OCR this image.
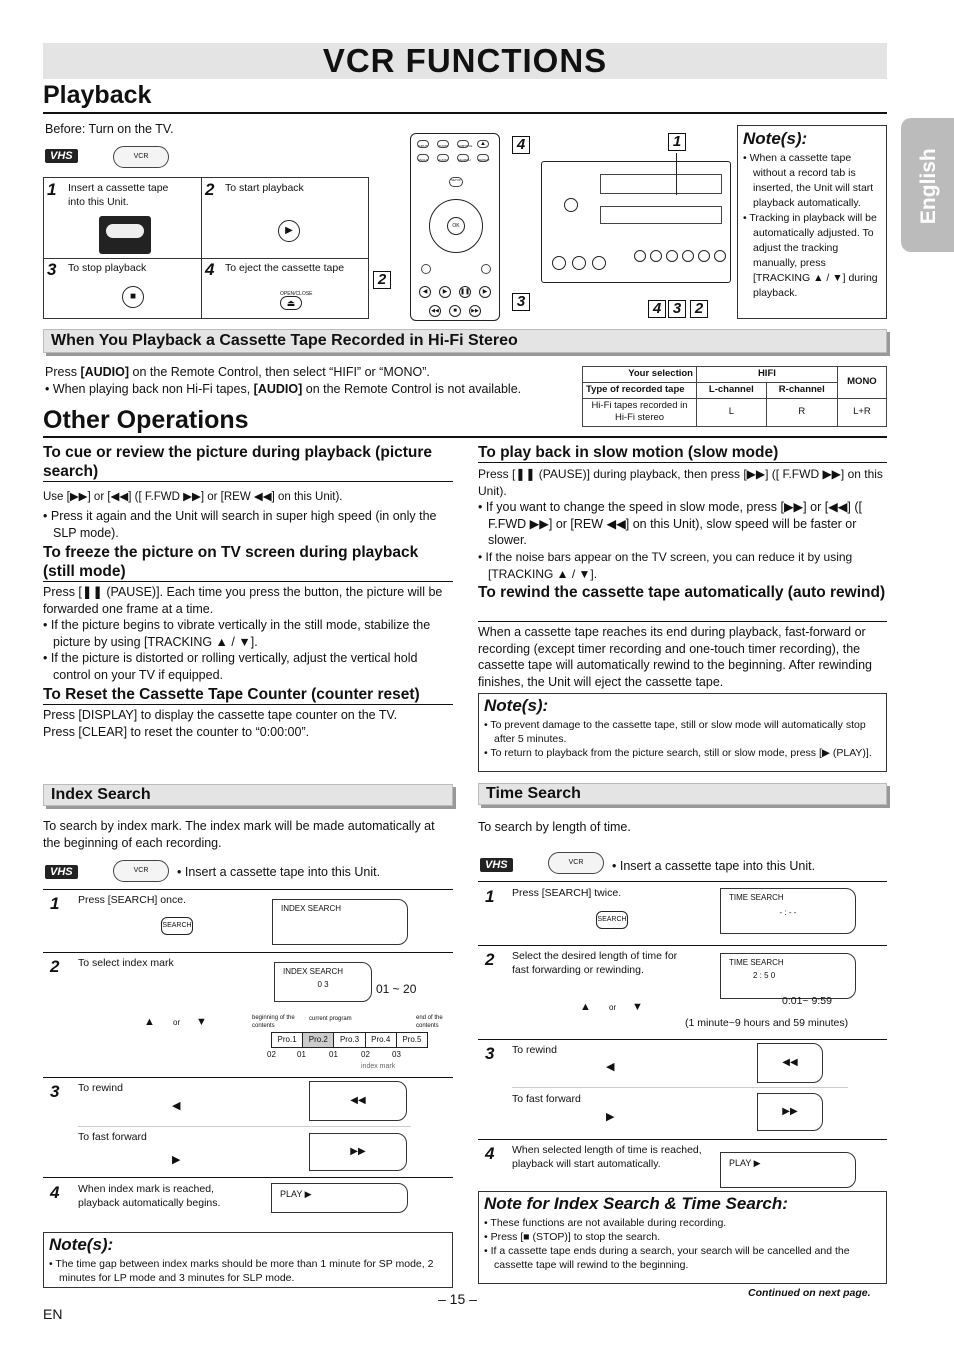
VCR FUNCTIONS
English
Playback
Before: Turn on the TV.
VHS	VCR
1 Insert a cassette tape into this Unit.
2 To start playback
▶
3 To stop playback
■
4 To eject the cassette tape
OPEN/CLOSE
⏏
INPUT	ZOOM	SUBTITLE	▲
ANGLE	AUDIO	SEARCH	REPEAT
SETUP
OK
◀	▶	❚❚	▶
◀◀	■	▶▶
4
2
3
1
4 3 2
Note(s):
• When a cassette tape without a record tab is inserted, the Unit will start playback automatically.
• Tracking in playback will be automatically adjusted. To adjust the tracking manually, press [TRACKING ▲ / ▼] during playback.
When You Playback a Cassette Tape Recorded in Hi-Fi Stereo
Press [AUDIO] on the Remote Control, then select “HIFI” or “MONO”.
• When playing back non Hi-Fi tapes, [AUDIO] on the Remote Control is not available.
Your selection	HIFI		MONO
Type of recorded tape	L-channel	R-channel	
Hi-Fi tapes recorded in Hi-Fi stereo	L	R	L+R
Other Operations
To cue or review the picture during playback (picture search)
Use [▶▶] or [◀◀] ([ F.FWD ▶▶] or [REW ◀◀] on this Unit).
• Press it again and the Unit will search in super high speed (in only the SLP mode).
To freeze the picture on TV screen during playback (still mode)
Press [❚❚ (PAUSE)]. Each time you press the button, the picture will be forwarded one frame at a time.
• If the picture begins to vibrate vertically in the still mode, stabilize the picture by using [TRACKING ▲ / ▼].
• If the picture is distorted or rolling vertically, adjust the vertical hold control on your TV if equipped.
To Reset the Cassette Tape Counter (counter reset)
Press [DISPLAY] to display the cassette tape counter on the TV.
Press [CLEAR] to reset the counter to “0:00:00”.
To play back in slow motion (slow mode)
Press [❚❚ (PAUSE)] during playback, then press [▶▶] ([ F.FWD ▶▶] on this Unit).
• If you want to change the speed in slow mode, press [▶▶] or [◀◀] ([ F.FWD ▶▶] or [REW ◀◀] on this Unit), slow speed will be faster or slower.
• If the noise bars appear on the TV screen, you can reduce it by using [TRACKING ▲ / ▼].
To rewind the cassette tape automatically (auto rewind)
When a cassette tape reaches its end during playback, fast-forward or recording (except timer recording and one-touch timer recording), the cassette tape will automatically rewind to the beginning. After rewinding finishes, the Unit will eject the cassette tape.
Note(s):
• To prevent damage to the cassette tape, still or slow mode will automatically stop after 5 minutes.
• To return to playback from the picture search, still or slow mode, press [▶ (PLAY)].
Index Search
To search by index mark. The index mark will be made automatically at the beginning of each recording.
VHS	VCR	• Insert a cassette tape into this Unit.
1 Press [SEARCH] once.
SEARCH
INDEX SEARCH
2 To select index mark
INDEX SEARCH
0 3	01 ~ 20
▲ or ▼	beginning of the contents
current program	end of the contents
Pro.1	Pro.2	Pro.3	Pro.4	Pro.5
02	01	01	02	03
index mark
3 To rewind
◀	◀◀
To fast forward
▶
▶▶
4 When index mark is reached, playback automatically begins.
PLAY ▶
Note(s):
• The time gap between index marks should be more than 1 minute for SP mode, 2 minutes for LP mode and 3 minutes for SLP mode.
Time Search
To search by length of time.
VHS	VCR	• Insert a cassette tape into this Unit.
1 Press [SEARCH] twice.
SEARCH
TIME SEARCH
- : - -
2 Select the desired length of time for fast forwarding or rewinding.
TIME SEARCH
2 : 5 0
0:01~ 9:59
▲ or ▼
(1 minute~9 hours and 59 minutes)
3 To rewind
◀	◀◀
To fast forward
▶	▶▶
4 When selected length of time is reached, playback will start automatically.	PLAY ▶
Note for Index Search & Time Search:
• These functions are not available during recording.
• Press [■ (STOP)] to stop the search.
• If a cassette tape ends during a search, your search will be cancelled and the cassette tape will rewind to the beginning.
– 15 –
EN
Continued on next page.
